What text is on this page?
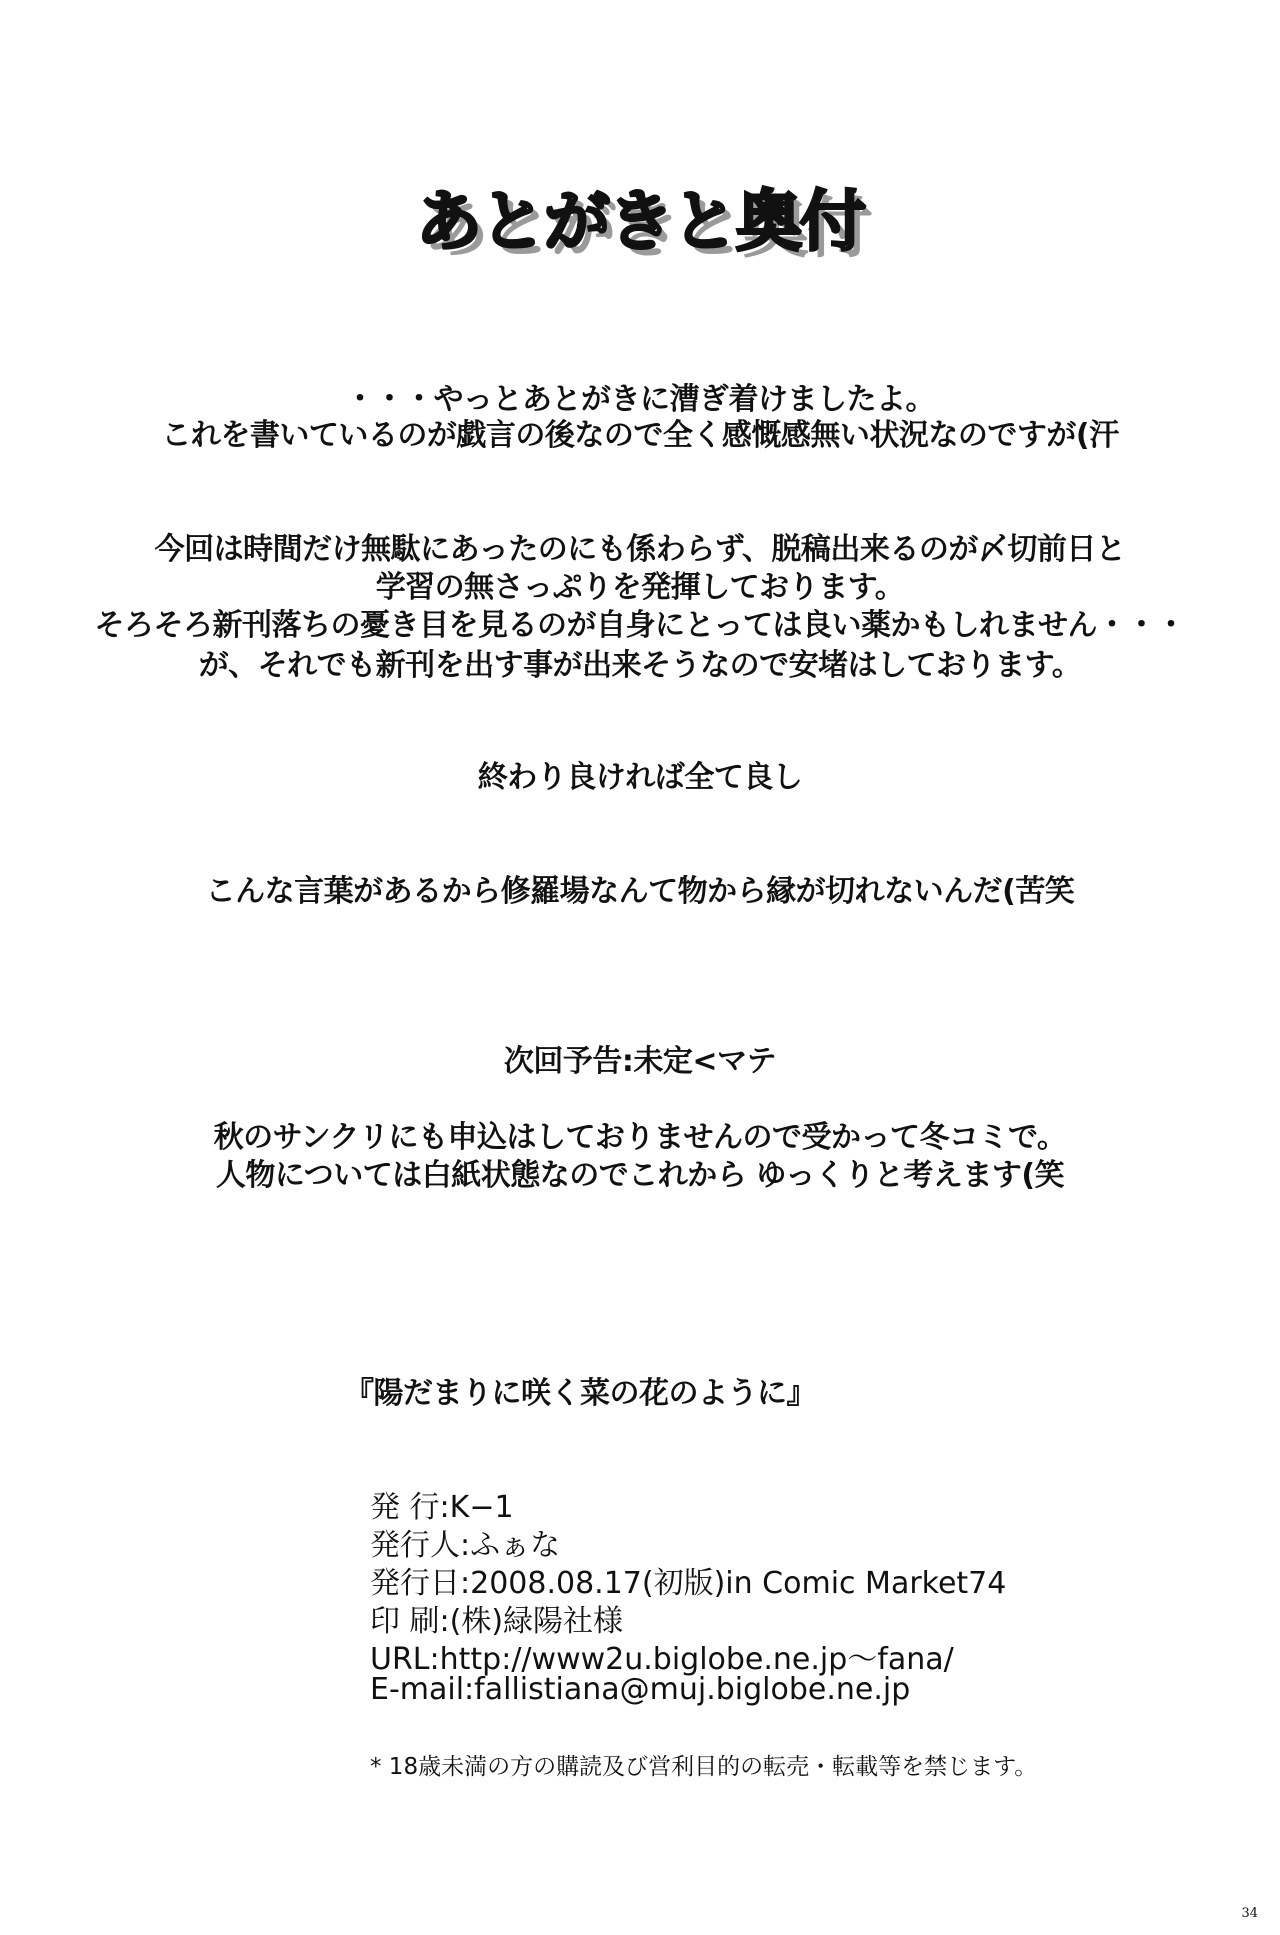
あとがきと奥付
・・・やっとあとがきに漕ぎ着けましたよ。
これを書いているのが戯言の後なので全く感慨感無い状況なのですが(汗
今回は時間だけ無駄にあったのにも係わらず、脱稿出来るのが〆切前日と
学習の無さっぷりを発揮しております。
そろそろ新刊落ちの憂き目を見るのが自身にとっては良い薬かもしれません・・・
が、それでも新刊を出す事が出来そうなので安堵はしております。
終わり良ければ全て良し
こんな言葉があるから修羅場なんて物から縁が切れないんだ(苦笑
次回予告:未定<マテ
秋のサンクリにも申込はしておりませんので受かって冬コミで。
人物については白紙状態なのでこれから ゆっくりと考えます(笑
『陽だまりに咲く菜の花のように』
発 行:K−1
発行人:ふぁな
発行日:2008.08.17(初版)in Comic Market74
印 刷:(株)緑陽社様
URL:http://www2u.biglobe.ne.jp〜fana/
E-mail:fallistiana@muj.biglobe.ne.jp
* 18歳未満の方の購読及び営利目的の転売・転載等を禁じます。
34
